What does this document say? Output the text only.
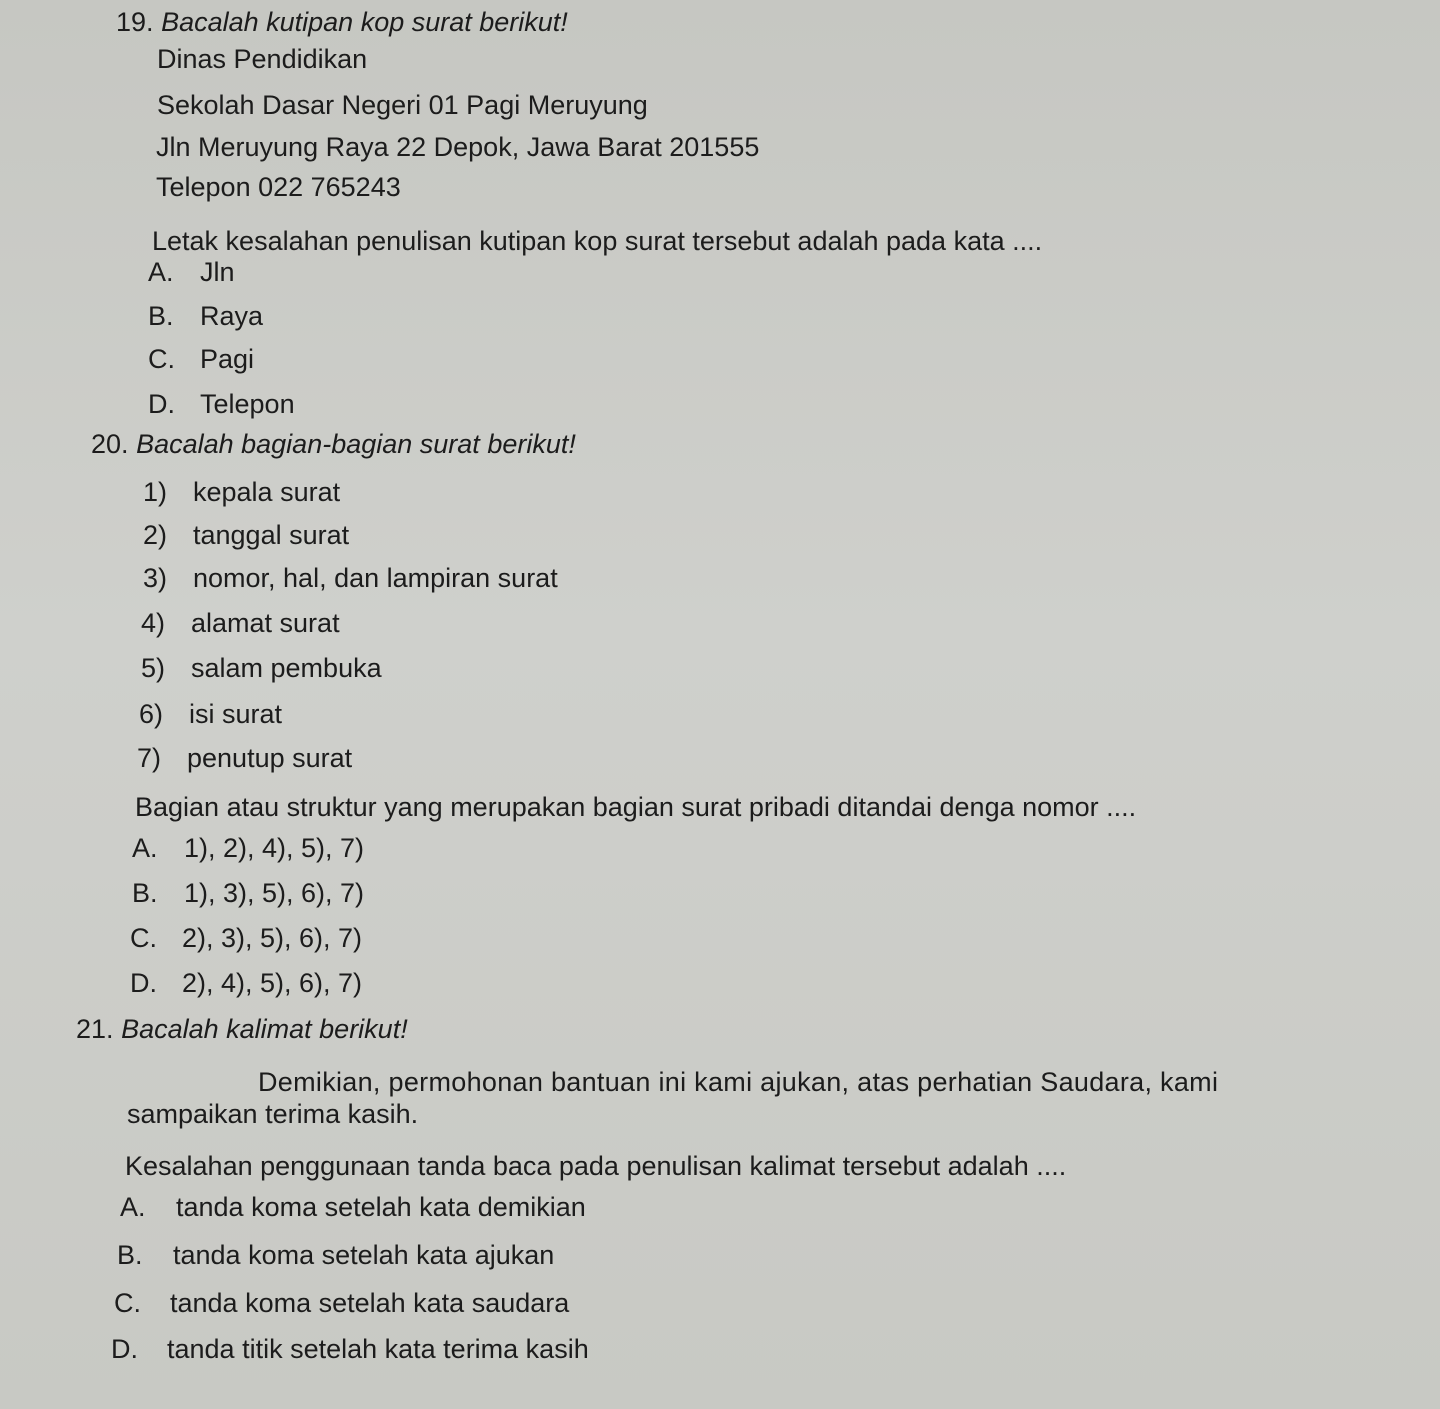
19. Bacalah kutipan kop surat berikut!
Dinas Pendidikan
Sekolah Dasar Negeri 01 Pagi Meruyung
Jln Meruyung Raya 22 Depok, Jawa Barat 201555
Telepon 022 765243
Letak kesalahan penulisan kutipan kop surat tersebut adalah pada kata ....
A. Jln
B. Raya
C. Pagi
D. Telepon
20. Bacalah bagian-bagian surat berikut!
1) kepala surat
2) tanggal surat
3) nomor, hal, dan lampiran surat
4) alamat surat
5) salam pembuka
6) isi surat
7) penutup surat
Bagian atau struktur yang merupakan bagian surat pribadi ditandai denga nomor ....
A. 1), 2), 4), 5), 7)
B. 1), 3), 5), 6), 7)
C. 2), 3), 5), 6), 7)
D. 2), 4), 5), 6), 7)
21. Bacalah kalimat berikut!
Demikian, permohonan bantuan ini kami ajukan, atas perhatian Saudara, kami
sampaikan terima kasih.
Kesalahan penggunaan tanda baca pada penulisan kalimat tersebut adalah ....
A. tanda koma setelah kata demikian
B. tanda koma setelah kata ajukan
C. tanda koma setelah kata saudara
D. tanda titik setelah kata terima kasih
